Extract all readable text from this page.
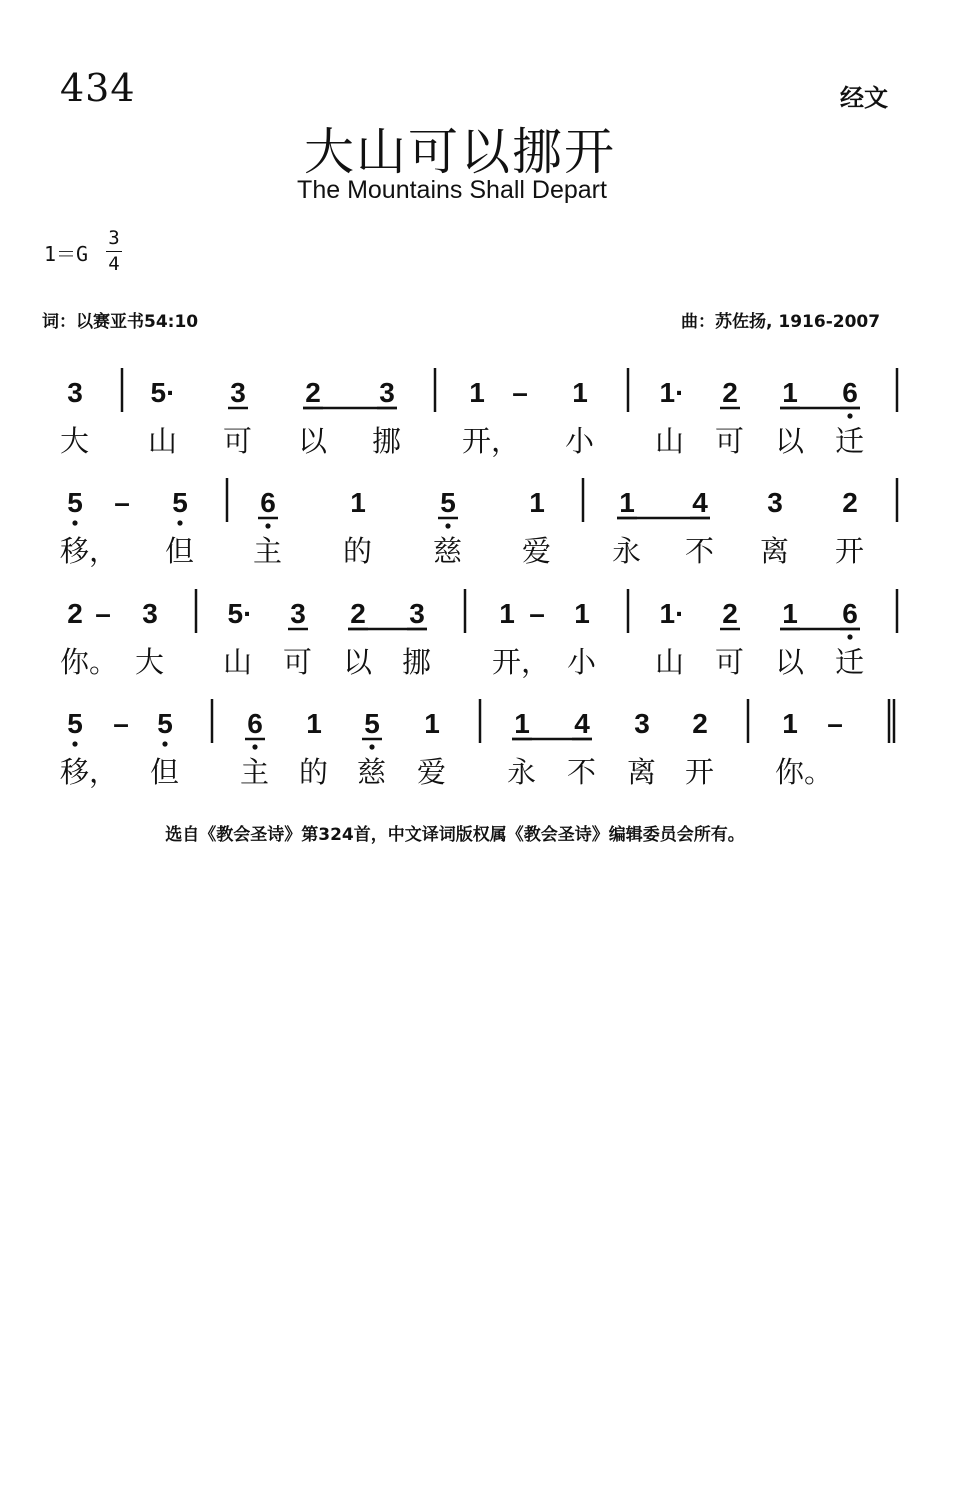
434	经文
大山可以挪开
The Mountains Shall Depart
1＝G
3
4
词：以赛亚书54:10	曲：苏佐扬, 1916-2007
3 5· 3 2 3	1 – 1	1· 2 1 6
大 山 可 以 挪 开， 小 山 可 以 迁
5 – 5	6	1	5	1	1 4 3 2
移， 但 主 的 慈 爱 永 不 离 开
2 – 3 5· 3 2 3	1 – 1 1· 2 1 6
你。 大 山 可 以 挪 开， 小 山 可 以 迁
5 – 5	6 1 5 1	1 4 3 2	1 –
移， 但 主 的 慈 爱 永 不 离 开 你。
选自《教会圣诗》第324首，中文译词版权属《教会圣诗》编辑委员会所有。
